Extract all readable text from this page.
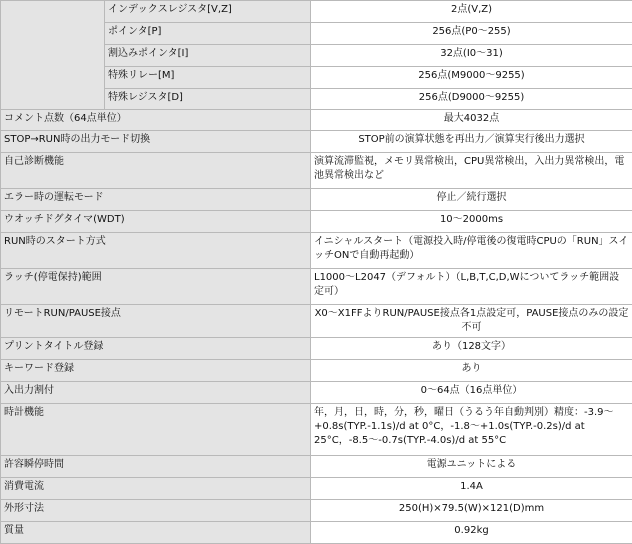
	インデックスレジスタ[V,Z]	2点(V,Z)
	ポインタ[P]	256点(P0～255)
	割込みポインタ[I]	32点(I0～31)
	特殊リレー[M]	256点(M9000～9255)
	特殊レジスタ[D]	256点(D9000～9255)
コメント点数（64点単位）		最大4032点
STOP→RUN時の出力モード切換		STOP前の演算状態を再出力／演算実行後出力選択
自己診断機能		演算流滞監視，メモリ異常検出，CPU異常検出，入出力異常検出，電池異常検出など
エラー時の運転モード		停止／続行選択
ウオッチドグタイマ(WDT)		10～2000ms
RUN時のスタート方式		イニシャルスタート（電源投入時/停電後の復電時CPUの「RUN」スイッチONで自動再起動）
ラッチ(停電保持)範囲		L1000～L2047（デフォルト）（L,B,T,C,D,Wについてラッチ範囲設定可）
リモートRUN/PAUSE接点		X0～X1FFよりRUN/PAUSE接点各1点設定可，PAUSE接点のみの設定不可
プリントタイトル登録		あり（128文字）
キーワード登録		あり
入出力割付		0～64点（16点単位）
時計機能		年，月，日，時，分，秒，曜日（うるう年自動判別）精度：-3.9～+0.8s(TYP.-1.1s)/d at 0°C，-1.8～+1.0s(TYP.-0.2s)/d at 25°C，-8.5～-0.7s(TYP.-4.0s)/d at 55°C
許容瞬停時間		電源ユニットによる
消費電流		1.4A
外形寸法		250(H)×79.5(W)×121(D)mm
質量		0.92kg
